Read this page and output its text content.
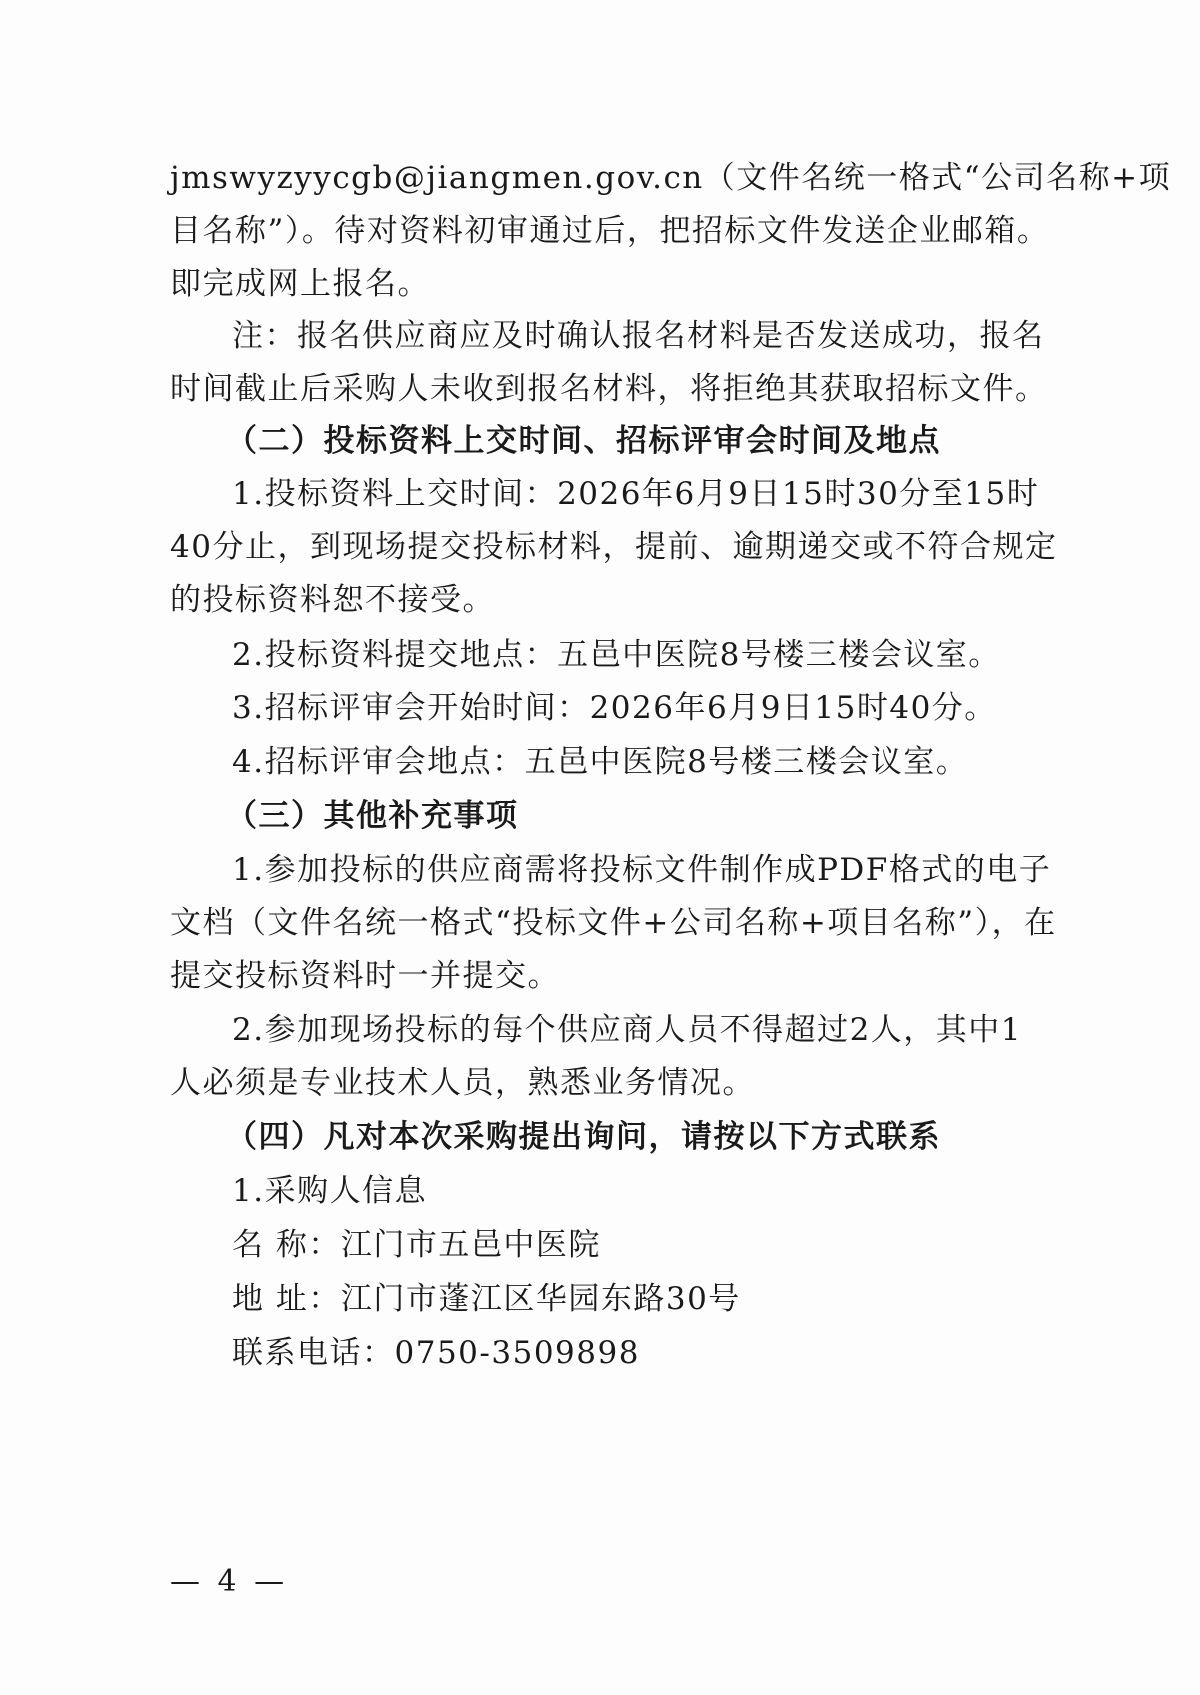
jmswyzyycgb@jiangmen.gov.cn（文件名统一格式“公司名称+项
目名称”）。待对资料初审通过后，把招标文件发送企业邮箱。
即完成网上报名。
注：报名供应商应及时确认报名材料是否发送成功，报名
时间截止后采购人未收到报名材料，将拒绝其获取招标文件。
（二）投标资料上交时间、招标评审会时间及地点
1.投标资料上交时间：2026年6月9日15时30分至15时
40分止，到现场提交投标材料，提前、逾期递交或不符合规定
的投标资料恕不接受。
2.投标资料提交地点：五邑中医院8号楼三楼会议室。
3.招标评审会开始时间：2026年6月9日15时40分。
4.招标评审会地点：五邑中医院8号楼三楼会议室。
（三）其他补充事项
1.参加投标的供应商需将投标文件制作成PDF格式的电子
文档（文件名统一格式“投标文件+公司名称+项目名称”），在
提交投标资料时一并提交。
2.参加现场投标的每个供应商人员不得超过2人，其中1
人必须是专业技术人员，熟悉业务情况。
（四）凡对本次采购提出询问，请按以下方式联系
1.采购人信息
名 称：江门市五邑中医院
地 址：江门市蓬江区华园东路30号
联系电话：0750-3509898
— 4 —
